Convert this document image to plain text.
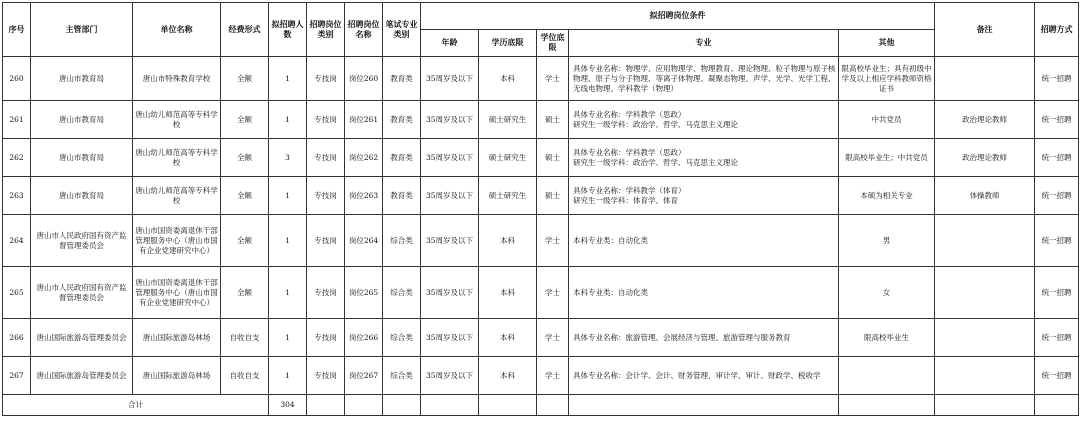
序号	主管部门	单位名称	经费形式	拟招聘人数	招聘岗位类别	招聘岗位名称	笔试专业类别	拟招聘岗位条件					备注	招聘方式
								年龄	学历底限	学位底限	专业	其他		
260	唐山市教育局	唐山市特殊教育学校	全额	1	专技岗	岗位260	教育类	35周岁及以下	本科	学士	具体专业名称：物理学、应用物理学、物理教育、理论物理、粒子物理与原子核物理、原子与分子物理、等离子体物理、凝聚态物理、声学、光学、光学工程、无线电物理、学科教学（物理）	限高校毕业生；具有初级中学及以上相应学科教师资格证书		统一招聘
261	唐山市教育局	唐山幼儿师范高等专科学校	全额	1	专技岗	岗位261	教育类	35周岁及以下	硕士研究生	硕士	具体专业名称：学科教学（思政）
研究生一级学科：政治学、哲学、马克思主义理论	中共党员	政治理论教师	统一招聘
262	唐山市教育局	唐山幼儿师范高等专科学校	全额	3	专技岗	岗位262	教育类	35周岁及以下	硕士研究生	硕士	具体专业名称：学科教学（思政）
研究生一级学科：政治学、哲学、马克思主义理论	限高校毕业生；中共党员	政治理论教师	统一招聘
263	唐山市教育局	唐山幼儿师范高等专科学校	全额	1	专技岗	岗位263	教育类	35周岁及以下	硕士研究生	硕士	具体专业名称：学科教学（体育）
研究生一级学科：体育学、体育	本硕为相关专业	体操教师	统一招聘
264	唐山市人民政府国有资产监督管理委员会	唐山市国资委离退休干部管理服务中心（唐山市国有企业党建研究中心）	全额	1	专技岗	岗位264	综合类	35周岁及以下	本科	学士	本科专业类：自动化类	男		统一招聘
265	唐山市人民政府国有资产监督管理委员会	唐山市国资委离退休干部管理服务中心（唐山市国有企业党建研究中心）	全额	1	专技岗	岗位265	综合类	35周岁及以下	本科	学士	本科专业类：自动化类	女		统一招聘
266	唐山国际旅游岛管理委员会	唐山国际旅游岛林场	自收自支	1	专技岗	岗位266	综合类	35周岁及以下	本科	学士	具体专业名称：旅游管理、会展经济与管理、旅游管理与服务教育	限高校毕业生		统一招聘
267	唐山国际旅游岛管理委员会	唐山国际旅游岛林场	自收自支	1	专技岗	岗位267	综合类	35周岁及以下	本科	学士	具体专业名称：会计学、会计、财务管理、审计学、审计、财政学、税收学			统一招聘
合计				304										
